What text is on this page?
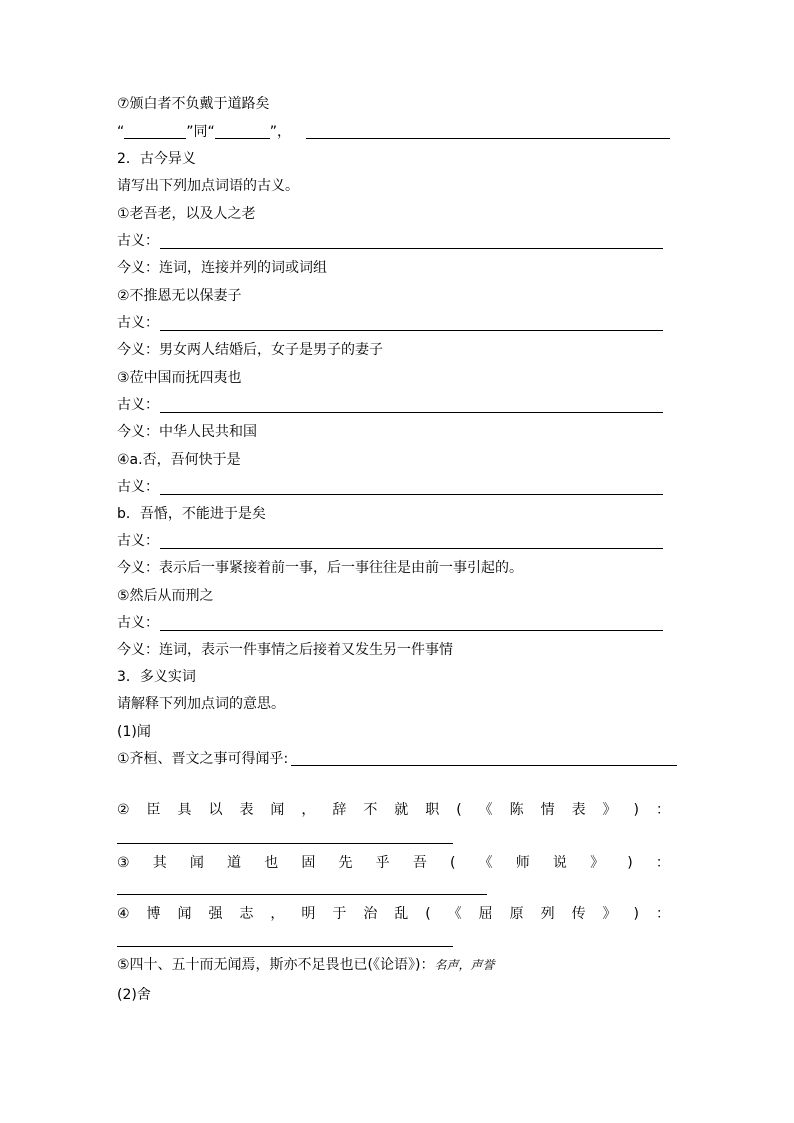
⑦颁白者不负戴于道路矣
“	”同“	”，
2．古今异义
请写出下列加点词语的古义。
①老吾老，以及人之老
古义：
今义：连词，连接并列的词或词组
②不推恩无以保妻子
古义：
今义：男女两人结婚后，女子是男子的妻子
③莅中国而抚四夷也
古义：
今义：中华人民共和国
④a.否，吾何快于是
古义：
b．吾惛，不能进于是矣
古义：
今义：表示后一事紧接着前一事，后一事往往是由前一事引起的。
⑤然后从而刑之
古义：
今义：连词，表示一件事情之后接着又发生另一件事情
3．多义实词
请解释下列加点词的意思。
(1)闻
①齐桓、晋文之事可得闻乎:
② 臣 具 以 表 闻 ， 辞 不 就 职 ( 《 陈 情 表 》 ) ：
③ 其 闻 道 也 固 先 乎 吾 ( 《 师 说 》 ) ：
④ 博 闻 强 志 ， 明 于 治 乱 ( 《 屈 原 列 传 》 ) ：
⑤四十、五十而无闻焉，斯亦不足畏也已(《论语》)：名声，声誉
(2)舍
